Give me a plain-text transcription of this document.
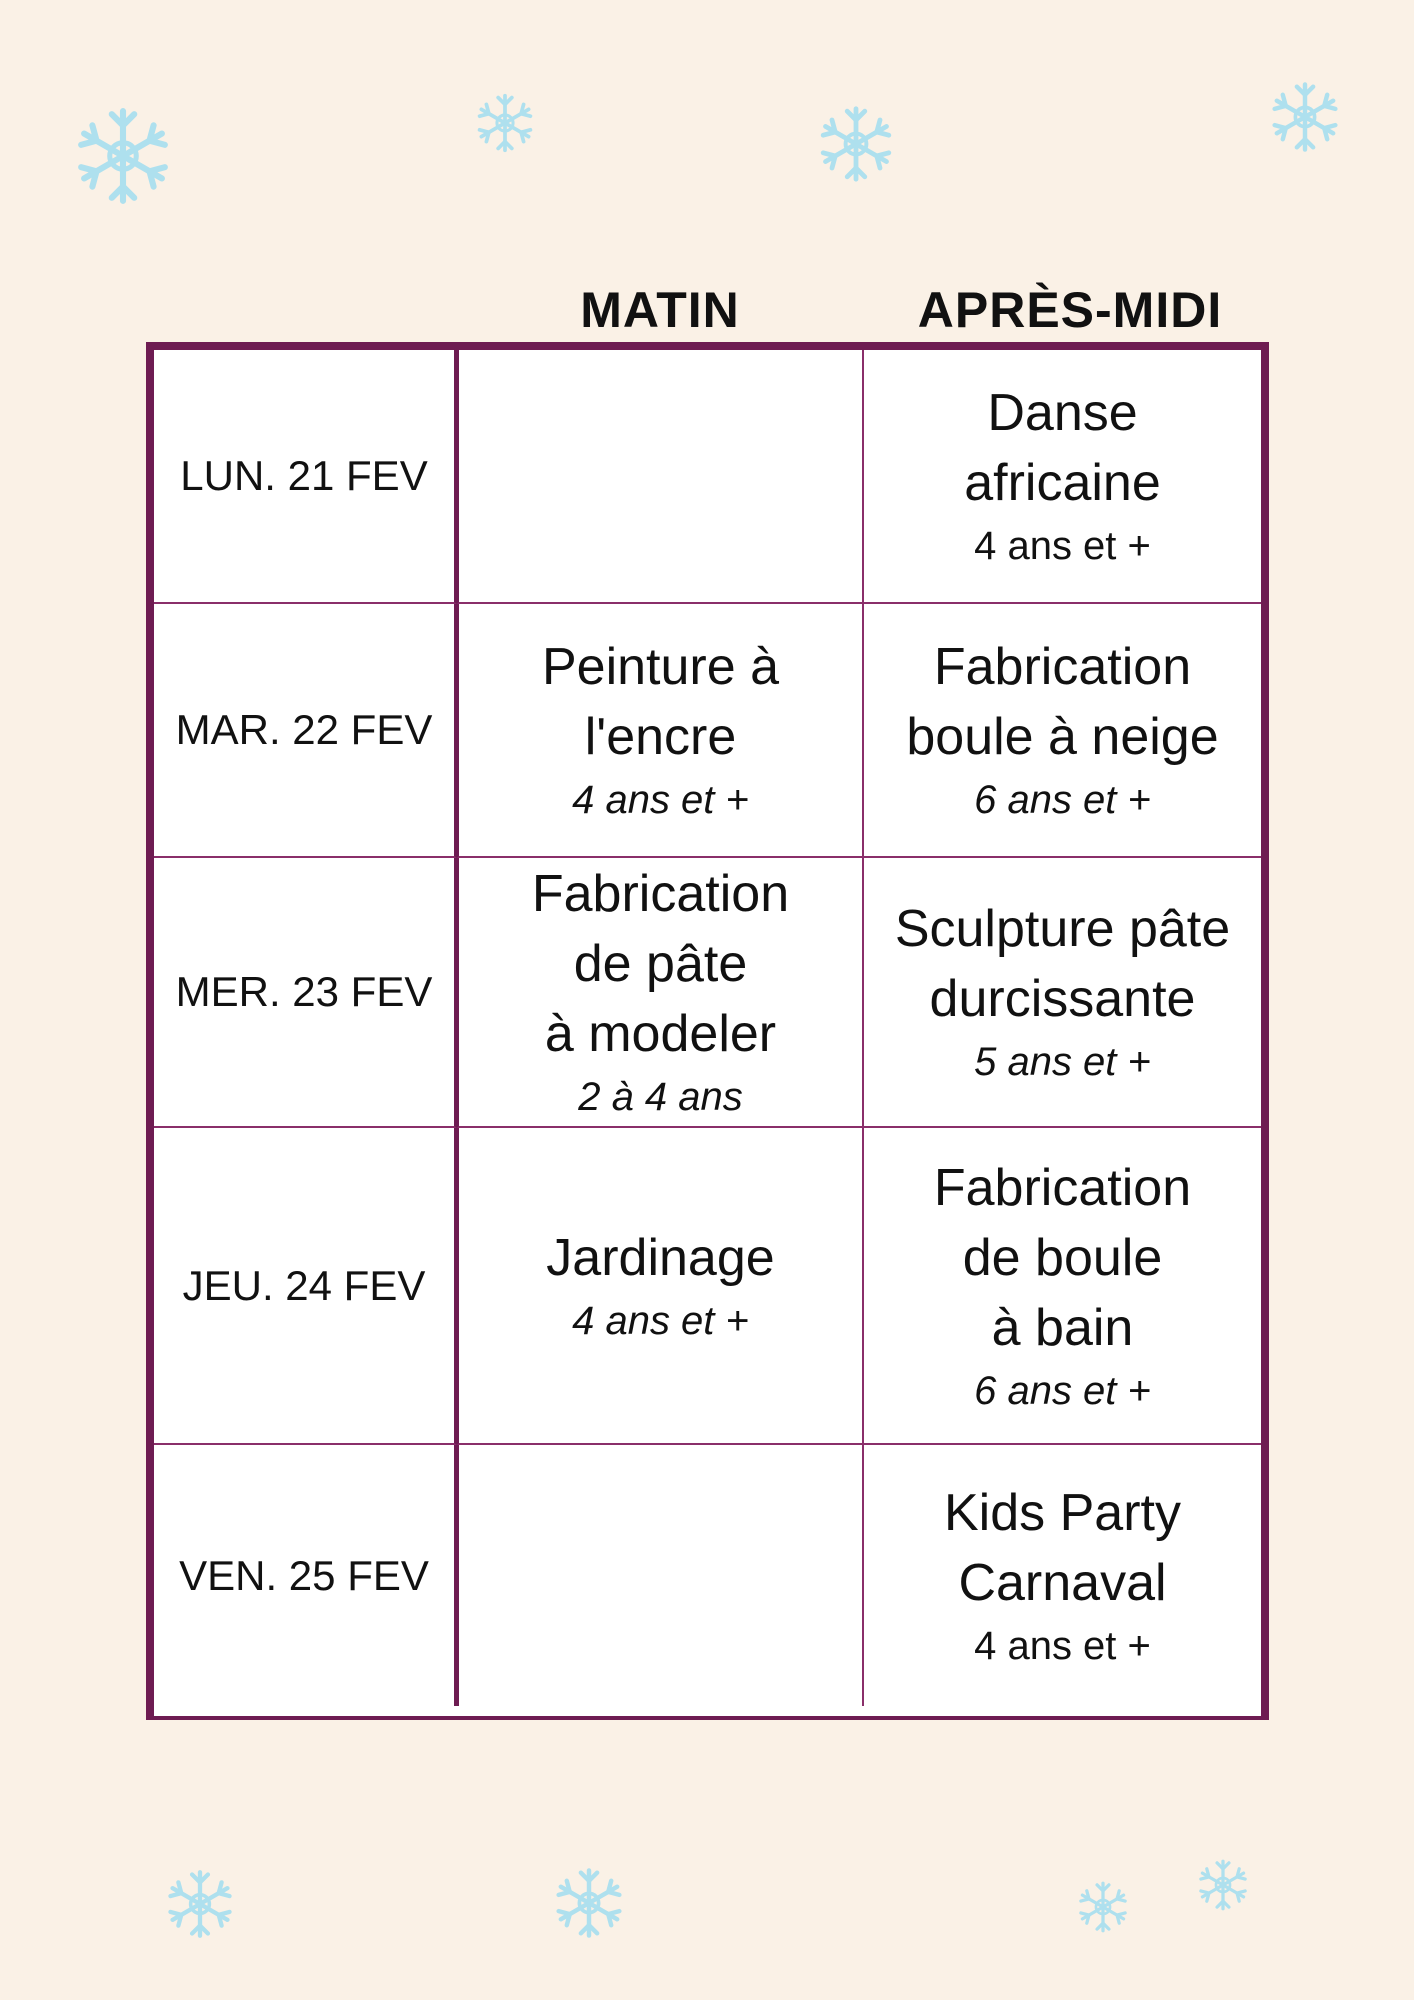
MATIN	APRÈS-MIDI
LUN. 21 FEV
Danse
africaine
4 ans et +
MAR. 22 FEV
Peinture à
l'encre
4 ans et +
Fabrication
boule à neige
6 ans et +
MER. 23 FEV
Fabrication
de pâte
à modeler
2 à 4 ans
Sculpture pâte
durcissante
5 ans et +
JEU. 24 FEV Jardinage
4 ans et +
Fabrication
de boule
à bain
6 ans et +
VEN. 25 FEV
Kids Party
Carnaval
4 ans et +
